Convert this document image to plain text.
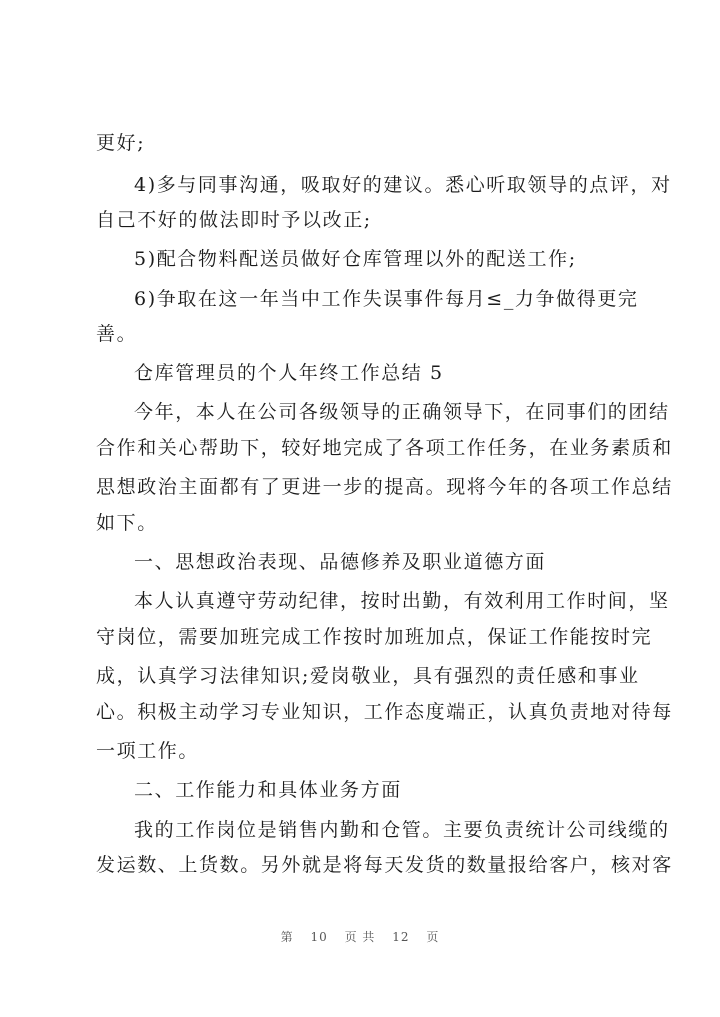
更好;
4)多与同事沟通，吸取好的建议。悉心听取领导的点评，对
自己不好的做法即时予以改正;
5)配合物料配送员做好仓库管理以外的配送工作;
6)争取在这一年当中工作失误事件每月≤_力争做得更完
善。
仓库管理员的个人年终工作总结 5
今年，本人在公司各级领导的正确领导下，在同事们的团结
合作和关心帮助下，较好地完成了各项工作任务，在业务素质和
思想政治主面都有了更进一步的提高。现将今年的各项工作总结
如下。
一、思想政治表现、品德修养及职业道德方面
本人认真遵守劳动纪律，按时出勤，有效利用工作时间，坚
守岗位，需要加班完成工作按时加班加点，保证工作能按时完
成，认真学习法律知识;爱岗敬业，具有强烈的责任感和事业
心。积极主动学习专业知识，工作态度端正，认真负责地对待每
一项工作。
二、工作能力和具体业务方面
我的工作岗位是销售内勤和仓管。主要负责统计公司线缆的
发运数、上货数。另外就是将每天发货的数量报给客户，核对客
第 10 页 共 12 页
